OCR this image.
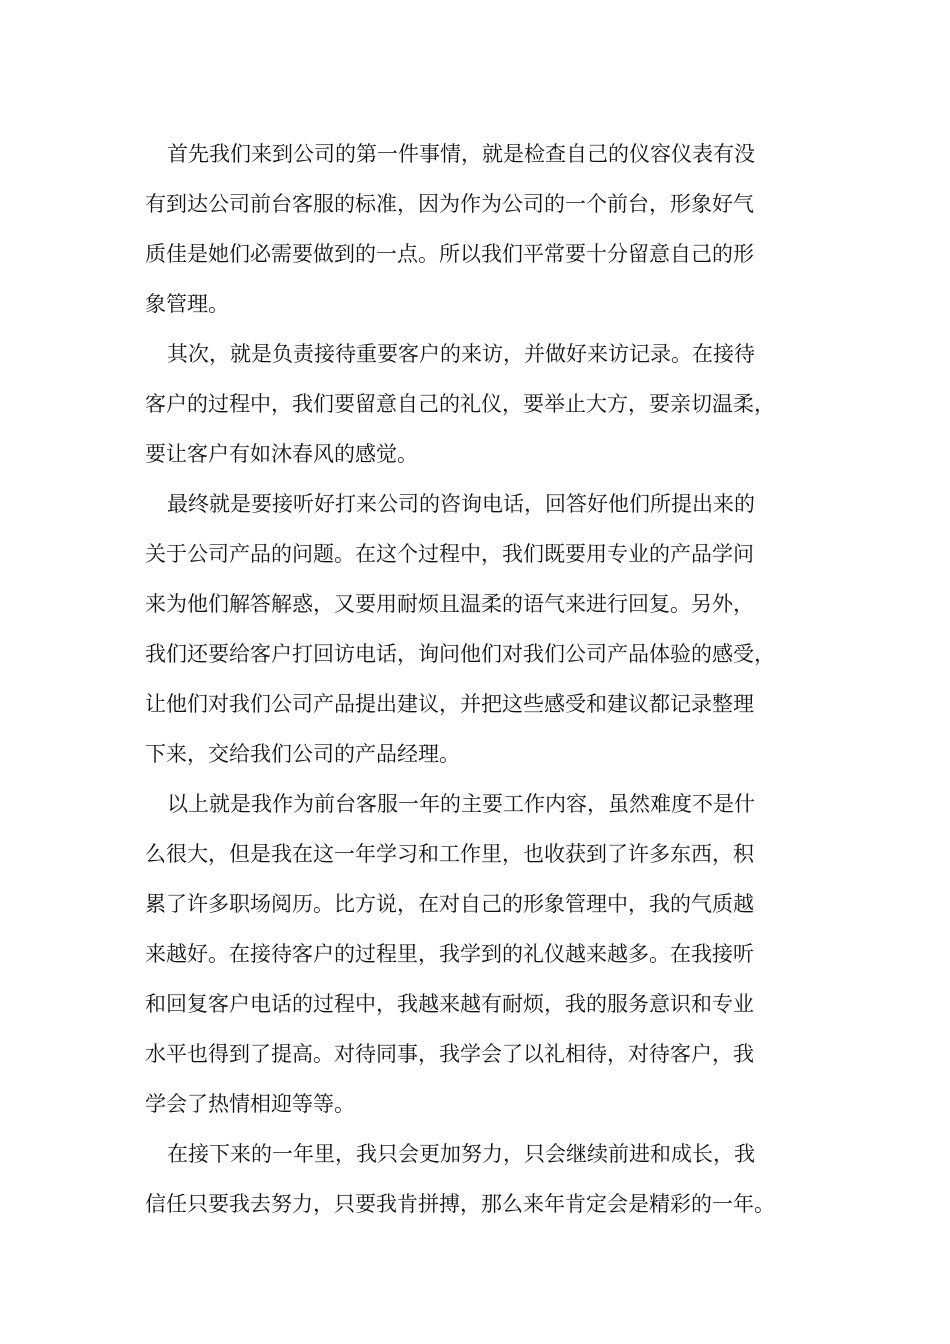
首先我们来到公司的第一件事情，就是检查自己的仪容仪表有没
有到达公司前台客服的标准，因为作为公司的一个前台，形象好气
质佳是她们必需要做到的一点。所以我们平常要十分留意自己的形
象管理。
其次，就是负责接待重要客户的来访，并做好来访记录。在接待
客户的过程中，我们要留意自己的礼仪，要举止大方，要亲切温柔，
要让客户有如沐春风的感觉。
最终就是要接听好打来公司的咨询电话，回答好他们所提出来的
关于公司产品的问题。在这个过程中，我们既要用专业的产品学问
来为他们解答解惑，又要用耐烦且温柔的语气来进行回复。另外，
我们还要给客户打回访电话，询问他们对我们公司产品体验的感受，
让他们对我们公司产品提出建议，并把这些感受和建议都记录整理
下来，交给我们公司的产品经理。
以上就是我作为前台客服一年的主要工作内容，虽然难度不是什
么很大，但是我在这一年学习和工作里，也收获到了许多东西，积
累了许多职场阅历。比方说，在对自己的形象管理中，我的气质越
来越好。在接待客户的过程里，我学到的礼仪越来越多。在我接听
和回复客户电话的过程中，我越来越有耐烦，我的服务意识和专业
水平也得到了提高。对待同事，我学会了以礼相待，对待客户，我
学会了热情相迎等等。
在接下来的一年里，我只会更加努力，只会继续前进和成长，我
信任只要我去努力，只要我肯拼搏，那么来年肯定会是精彩的一年。
